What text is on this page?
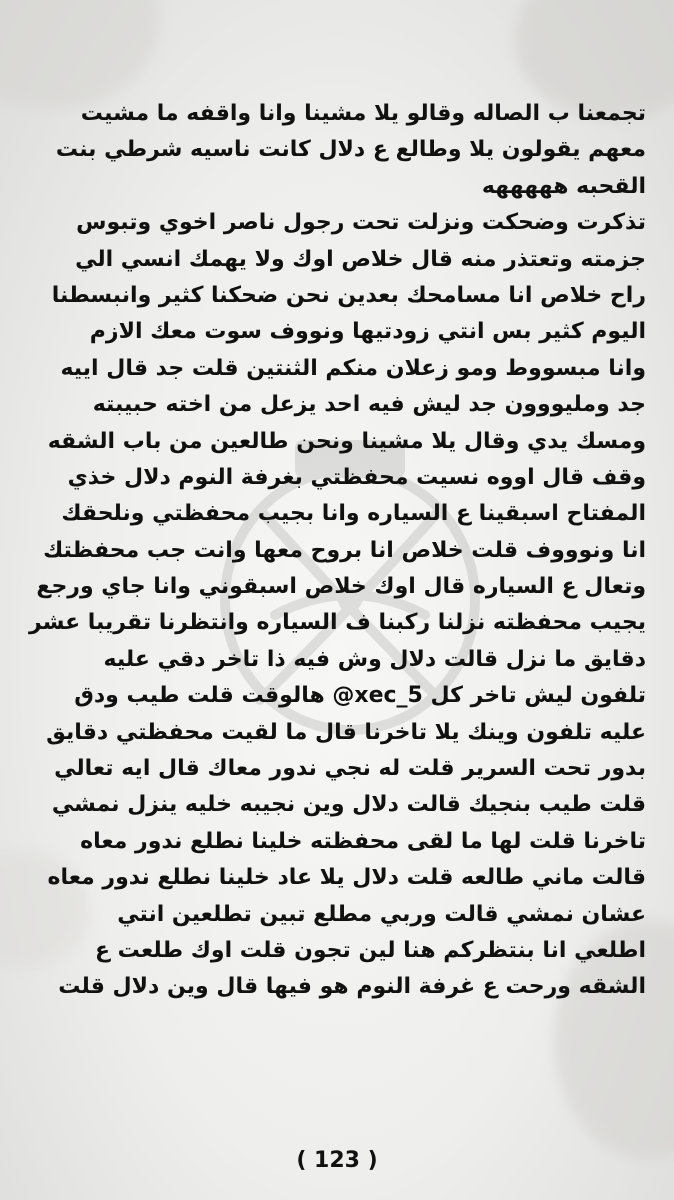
تجمعنا ب الصاله وقالو يلا مشينا وانا واقفه ما مشيت
معهم يقولون يلا وطالع ع دلال كانت ناسيه شرطي بنت
القحبه هههههه
تذكرت وضحكت ونزلت تحت رجول ناصر اخوي وتبوس
جزمته وتعتذر منه قال خلاص اوك ولا يهمك انسي الي
راح خلاص انا مسامحك بعدين نحن ضحكنا كثير وانبسطنا
اليوم كثير بس انتي زودتيها ونووف سوت معك الازم
وانا مبسووط ومو زعلان منكم الثنتين قلت جد قال اييه
جد ومليووون جد ليش فيه احد يزعل من اخته حبيبته
ومسك يدي وقال يلا مشينا ونحن طالعين من باب الشقه
وقف قال اووه نسيت محفظتي بغرفة النوم دلال خذي
المفتاح اسبقينا ع السياره وانا بجيب محفظتي ونلحقك
انا ونوووف قلت خلاص انا بروح معها وانت جب محفظتك
وتعال ع السياره قال اوك خلاص اسبقوني وانا جاي ورجع
يجيب محفظته نزلنا ركبنا ف السياره وانتظرنا تقريبا عشر
دقايق ما نزل قالت دلال وش فيه ذا تاخر دقي عليه
تلفون ليش تاخر كل xec_5@ هالوقت قلت طيب ودق
عليه تلفون وينك يلا تاخرنا قال ما لقيت محفظتي دقايق
بدور تحت السرير قلت له نجي ندور معاك قال ايه تعالي
قلت طيب بنجيك قالت دلال وين نجيبه خليه ينزل نمشي
تاخرنا قلت لها ما لقى محفظته خلينا نطلع ندور معاه
قالت ماني طالعه قلت دلال يلا عاد خلينا نطلع ندور معاه
عشان نمشي قالت وربي مطلع تبين تطلعين انتي
اطلعي انا بنتظركم هنا لين تجون قلت اوك طلعت ع
الشقه ورحت ع غرفة النوم هو فيها قال وين دلال قلت
( 123 )
